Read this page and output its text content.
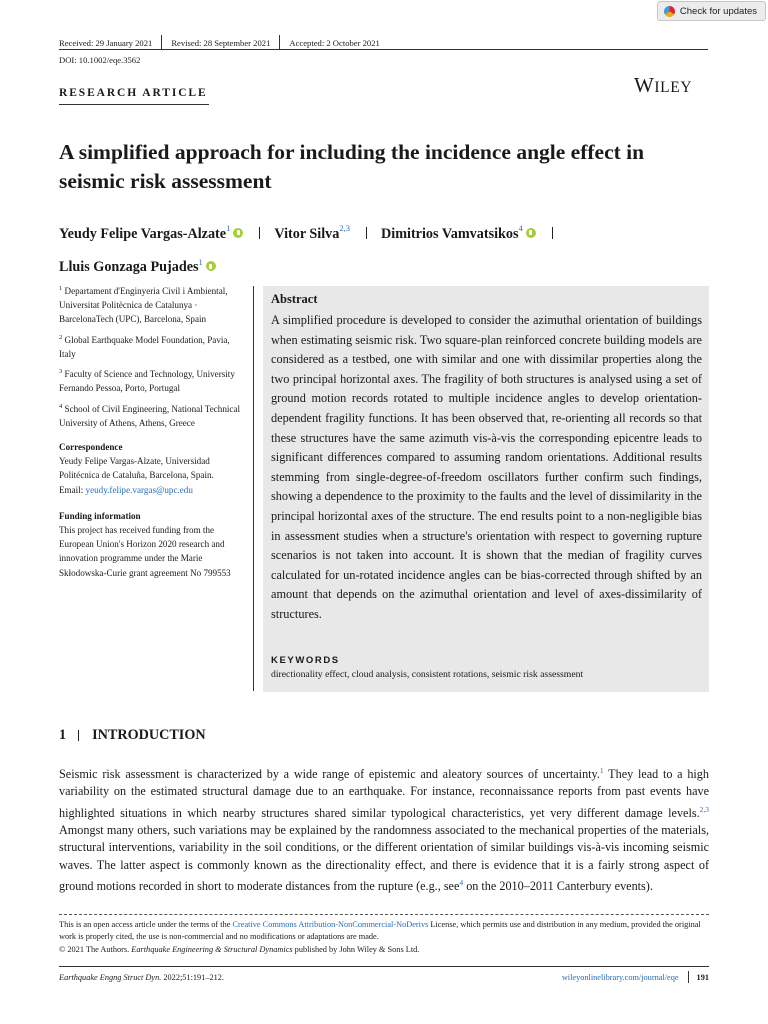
Check for updates
Received: 29 January 2021 Revised: 28 September 2021 Accepted: 2 October 2021
DOI: 10.1002/eqe.3562
WILEY
RESEARCH ARTICLE
A simplified approach for including the incidence angle effect in seismic risk assessment
Yeudy Felipe Vargas-Alzate$^1$	Vitor Silva$^{2,3}$ Dimitrios Vamvatsikos$^4$
Lluis Gonzaga Pujades$^1$
$^1$ Departament d'Enginyeria Civil i Ambiental, Universitat Politècnica de Catalunya · BarcelonaTech (UPC), Barcelona, Spain
$^2$ Global Earthquake Model Foundation, Pavia, Italy
$^3$ Faculty of Science and Technology, University Fernando Pessoa, Porto, Portugal
$^4$ School of Civil Engineering, National Technical University of Athens, Athens, Greece
Correspondence
Yeudy Felipe Vargas-Alzate, Universidad Politécnica de Cataluña, Barcelona, Spain.
Email: yeudy.felipe.vargas@upc.edu
Funding information
This project has received funding from the European Union's Horizon 2020 research and innovation programme under the Marie Skłodowska-Curie grant agreement No 799553
Abstract
A simplified procedure is developed to consider the azimuthal orientation of buildings when estimating seismic risk. Two square-plan reinforced concrete building models are considered as a testbed, one with similar and one with dissimilar properties along the two principal horizontal axes. The fragility of both structures is analysed using a set of ground motion records rotated to multiple incidence angles to develop orientation-dependent fragility functions. It has been observed that, re-orienting all records so that these structures have the same azimuth vis-à-vis the corresponding epicentre leads to significant differences compared to assuming random orientations. Additional results stemming from single-degree-of-freedom oscillators further confirm such findings, showing a dependence to the proximity to the faults and the level of dissimilarity in the principal horizontal axes of the structure. The end results point to a non-negligible bias in assessment studies when a structure's orientation with respect to governing rupture scenarios is not taken into account. It is shown that the median of fragility curves calculated for un-rotated incidence angles can be bias-corrected through shifted by an amount that depends on the azimuthal orientation and level of axes-dissimilarity of structures.
KEYWORDS
directionality effect, cloud analysis, consistent rotations, seismic risk assessment
1 INTRODUCTION
Seismic risk assessment is characterized by a wide range of epistemic and aleatory sources of uncertainty.$^1$ They lead to a high variability on the estimated structural damage due to an earthquake. For instance, reconnaissance reports from past events have highlighted situations in which nearby structures shared similar typological characteristics, yet very different damage levels.$^{2,3}$ Amongst many others, such variations may be explained by the randomness associated to the mechanical properties of the materials, structural interventions, variability in the soil conditions, or the different orientation of similar buildings vis-à-vis incoming seismic waves. The latter aspect is commonly known as the directionality effect, and there is evidence that it is a fairly strong aspect of ground motions recorded in short to moderate distances from the rupture (e.g., see$^4$ on the 2010–2011 Canterbury events).
This is an open access article under the terms of the Creative Commons Attribution-NonCommercial-NoDerivs License, which permits use and distribution in any medium, provided the original work is properly cited, the use is non-commercial and no modifications or adaptations are made.
© 2021 The Authors. Earthquake Engineering & Structural Dynamics published by John Wiley & Sons Ltd.
Earthquake Engng Struct Dyn. 2022;51:191–212.	wileyonlinelibrary.com/journal/eqe 191
